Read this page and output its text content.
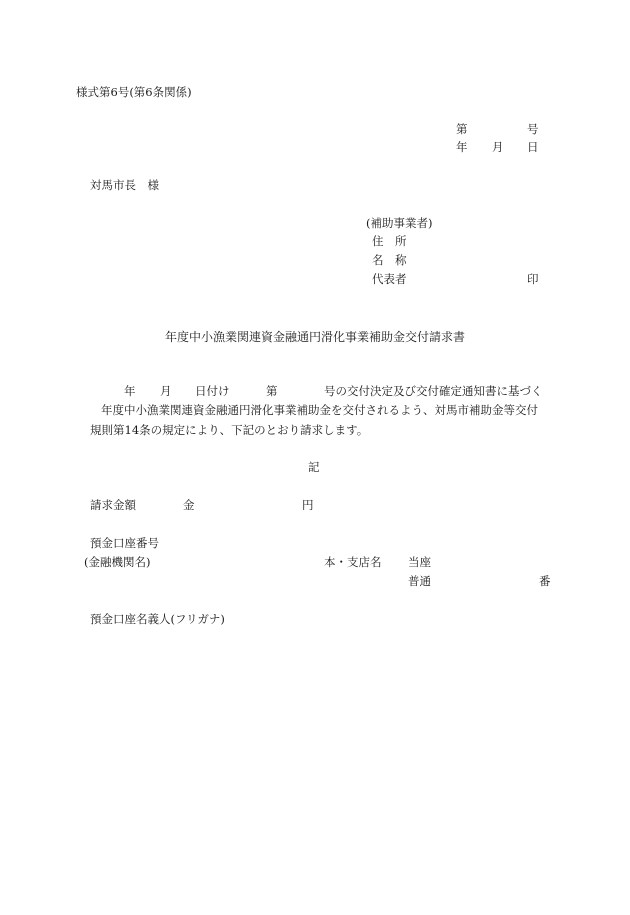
様式第6号(第6条関係)
第	号
年 月 日
対馬市長　様
(補助事業者)
住　所
名　称
代表者	印
年度中小漁業関連資金融通円滑化事業補助金交付請求書
年 月 日付け	第	号の交付決定及び交付確定通知書に基づく
年度中小漁業関連資金融通円滑化事業補助金を交付されるよう、対馬市補助金等交付
規則第14条の規定により、下記のとおり請求します。
記
請求金額	金	円
預金口座番号
(金融機関名)	本・支店名 当座
普通	番
預金口座名義人(フリガナ)
